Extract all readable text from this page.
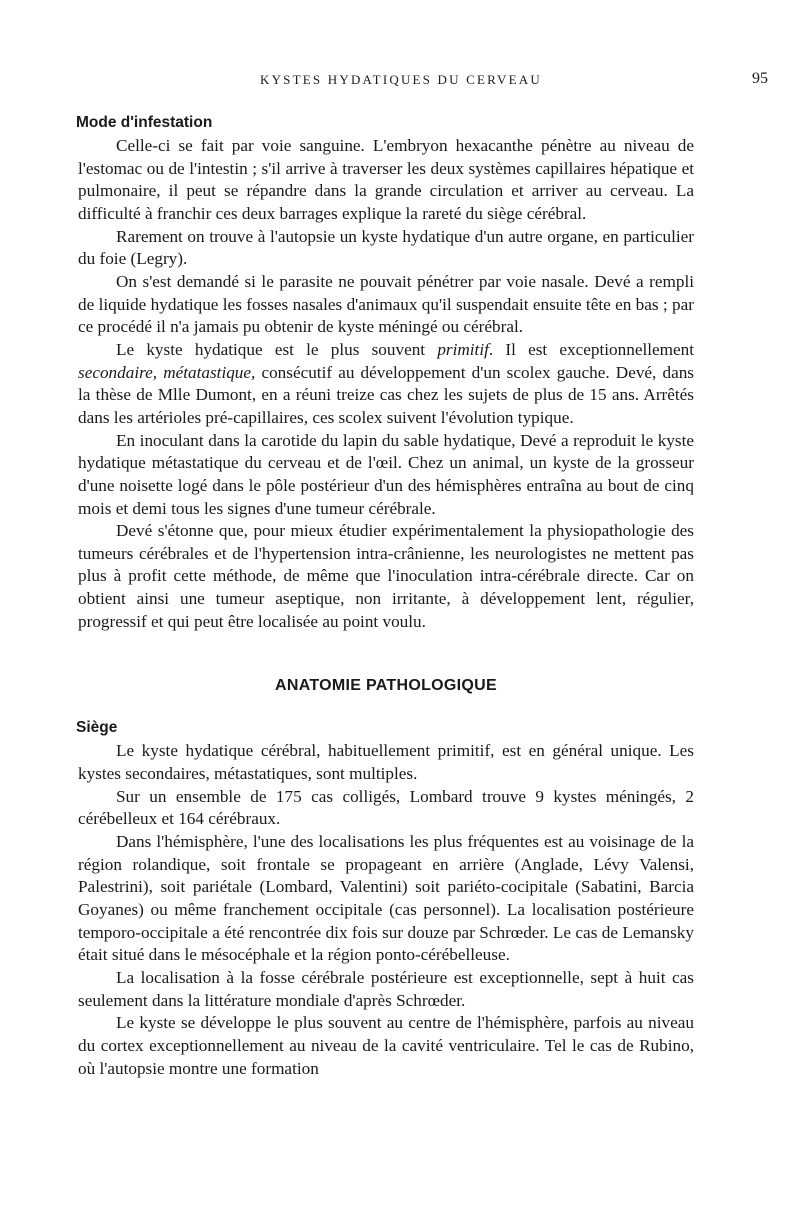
KYSTES HYDATIQUES DU CERVEAU	95
Mode d'infestation

Celle-ci se fait par voie sanguine. L'embryon hexacanthe pénètre au niveau de l'estomac ou de l'intestin ; s'il arrive à traverser les deux systèmes capillaires hépatique et pulmonaire, il peut se répandre dans la grande circulation et arriver au cerveau. La difficulté à franchir ces deux barrages explique la rareté du siège cérébral.

Rarement on trouve à l'autopsie un kyste hydatique d'un autre organe, en particulier du foie (Legry).

On s'est demandé si le parasite ne pouvait pénétrer par voie nasale. Devé a rempli de liquide hydatique les fosses nasales d'animaux qu'il suspendait ensuite tête en bas ; par ce procédé il n'a jamais pu obtenir de kyste méningé ou cérébral.

Le kyste hydatique est le plus souvent primitif. Il est exceptionnellement secondaire, métatastique, consécutif au développement d'un scolex gauche. Devé, dans la thèse de Mlle Dumont, en a réuni treize cas chez les sujets de plus de 15 ans. Arrêtés dans les artérioles pré-capillaires, ces scolex suivent l'évolution typique.

En inoculant dans la carotide du lapin du sable hydatique, Devé a reproduit le kyste hydatique métastatique du cerveau et de l'œil. Chez un animal, un kyste de la grosseur d'une noisette logé dans le pôle postérieur d'un des hémisphères entraîna au bout de cinq mois et demi tous les signes d'une tumeur cérébrale.

Devé s'étonne que, pour mieux étudier expérimentalement la physiopathologie des tumeurs cérébrales et de l'hypertension intra-crânienne, les neurologistes ne mettent pas plus à profit cette méthode, de même que l'inoculation intra-cérébrale directe. Car on obtient ainsi une tumeur aseptique, non irritante, à développement lent, régulier, progressif et qui peut être localisée au point voulu.

ANATOMIE PATHOLOGIQUE
Siège

Le kyste hydatique cérébral, habituellement primitif, est en général unique. Les kystes secondaires, métastatiques, sont multiples.

Sur un ensemble de 175 cas colligés, Lombard trouve 9 kystes méningés, 2 cérébelleux et 164 cérébraux.

Dans l'hémisphère, l'une des localisations les plus fréquentes est au voisinage de la région rolandique, soit frontale se propageant en arrière (Anglade, Lévy Valensi, Palestrini), soit pariétale (Lombard, Valentini) soit pariéto-cocipitale (Sabatini, Barcia Goyanes) ou même franchement occipitale (cas personnel). La localisation postérieure temporo-occipitale a été rencontrée dix fois sur douze par Schrœder. Le cas de Lemansky était situé dans le mésocéphale et la région ponto-cérébelleuse.

La localisation à la fosse cérébrale postérieure est exceptionnelle, sept à huit cas seulement dans la littérature mondiale d'après Schrœder.

Le kyste se développe le plus souvent au centre de l'hémisphère, parfois au niveau du cortex exceptionnellement au niveau de la cavité ventriculaire. Tel le cas de Rubino, où l'autopsie montre une formation
